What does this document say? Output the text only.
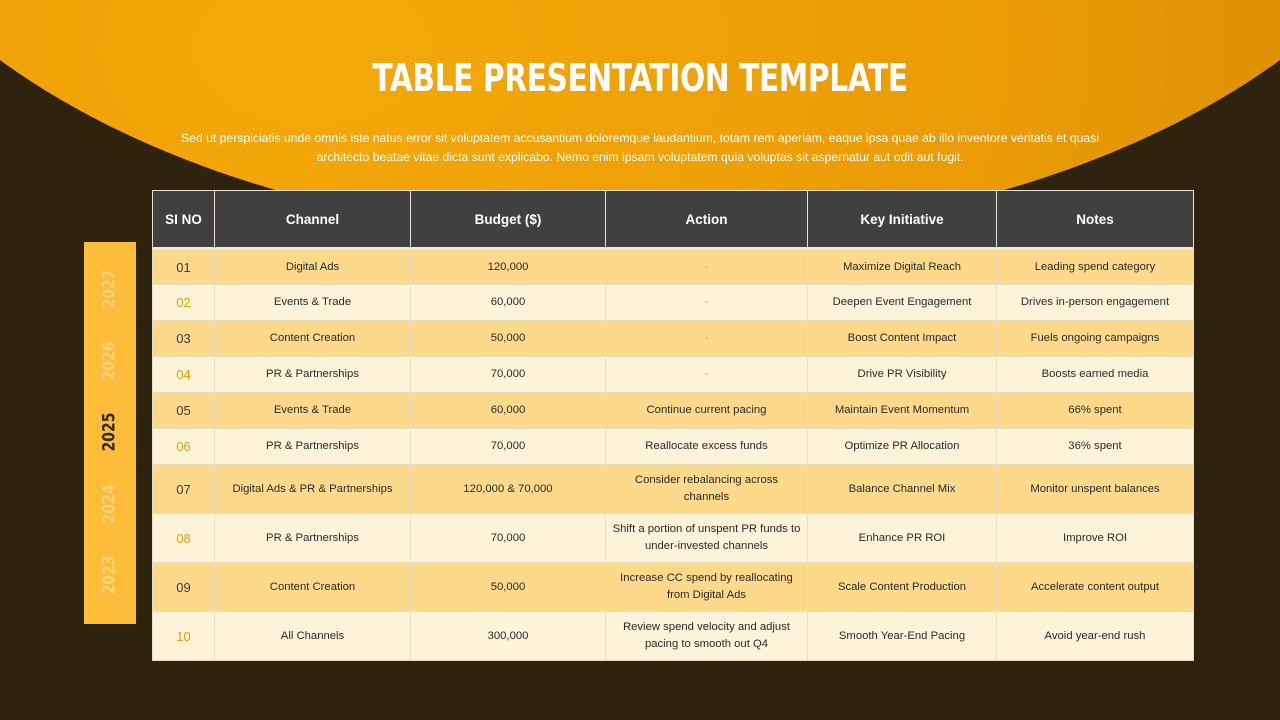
TABLE PRESENTATION TEMPLATE
Sed ut perspiciatis unde omnis iste natus error sit voluptatem accusantium doloremque laudantium, totam rem aperiam, eaque ipsa quae ab illo inventore veritatis et quasi architecto beatae vitae dicta sunt explicabo. Nemo enim ipsam voluptatem quia voluptas sit aspernatur aut odit aut fugit.
2027
2026
2025
2024
2023
SI NO	Channel	Budget ($)	Action	Key Initiative	Notes
01	Digital Ads	120,000	-	Maximize Digital Reach	Leading spend category
02	Events & Trade	60,000	-	Deepen Event Engagement	Drives in-person engagement
03	Content Creation	50,000	-	Boost Content Impact	Fuels ongoing campaigns
04	PR & Partnerships	70,000	-	Drive PR Visibility	Boosts earned media
05	Events & Trade	60,000	Continue current pacing	Maintain Event Momentum	66% spent
06	PR & Partnerships	70,000	Reallocate excess funds	Optimize PR Allocation	36% spent
07	Digital Ads & PR & Partnerships	120,000 & 70,000	Consider rebalancing across channels	Balance Channel Mix	Monitor unspent balances
08	PR & Partnerships	70,000	Shift a portion of unspent PR funds to under-invested channels	Enhance PR ROI	Improve ROI
09	Content Creation	50,000	Increase CC spend by reallocating from Digital Ads	Scale Content Production	Accelerate content output
10	All Channels	300,000	Review spend velocity and adjust pacing to smooth out Q4	Smooth Year-End Pacing	Avoid year-end rush
